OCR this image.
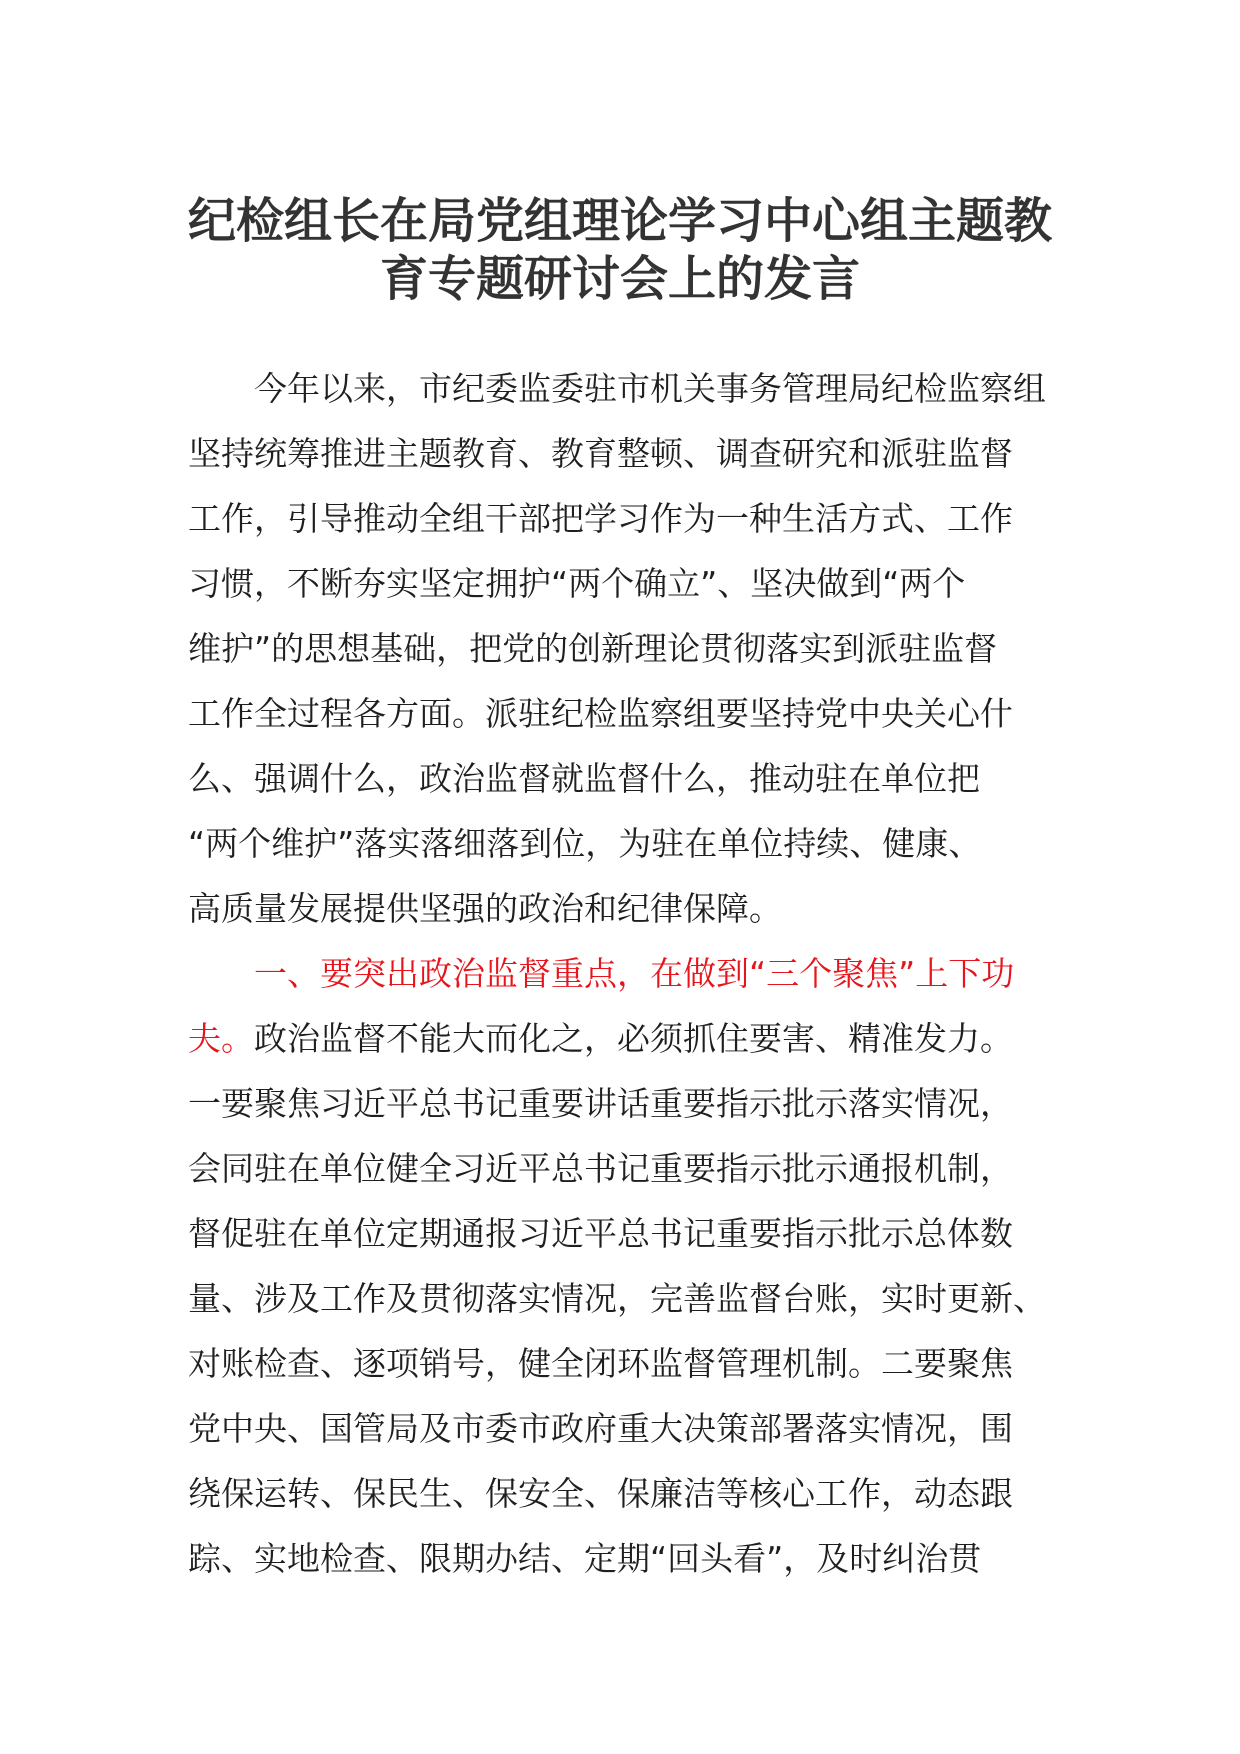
纪检组长在局党组理论学习中心组主题教
育专题研讨会上的发言
　　今年以来，市纪委监委驻市机关事务管理局纪检监察组
坚持统筹推进主题教育、教育整顿、调查研究和派驻监督
工作，引导推动全组干部把学习作为一种生活方式、工作
习惯，不断夯实坚定拥护“两个确立”、坚决做到“两个
维护”的思想基础，把党的创新理论贯彻落实到派驻监督
工作全过程各方面。派驻纪检监察组要坚持党中央关心什
么、强调什么，政治监督就监督什么，推动驻在单位把
“两个维护”落实落细落到位，为驻在单位持续、健康、
高质量发展提供坚强的政治和纪律保障。
　　一、要突出政治监督重点，在做到“三个聚焦”上下功
夫。政治监督不能大而化之，必须抓住要害、精准发力。
一要聚焦习近平总书记重要讲话重要指示批示落实情况，
会同驻在单位健全习近平总书记重要指示批示通报机制，
督促驻在单位定期通报习近平总书记重要指示批示总体数
量、涉及工作及贯彻落实情况，完善监督台账，实时更新、
对账检查、逐项销号，健全闭环监督管理机制。二要聚焦
党中央、国管局及市委市政府重大决策部署落实情况，围
绕保运转、保民生、保安全、保廉洁等核心工作，动态跟
踪、实地检查、限期办结、定期“回头看”，及时纠治贯
